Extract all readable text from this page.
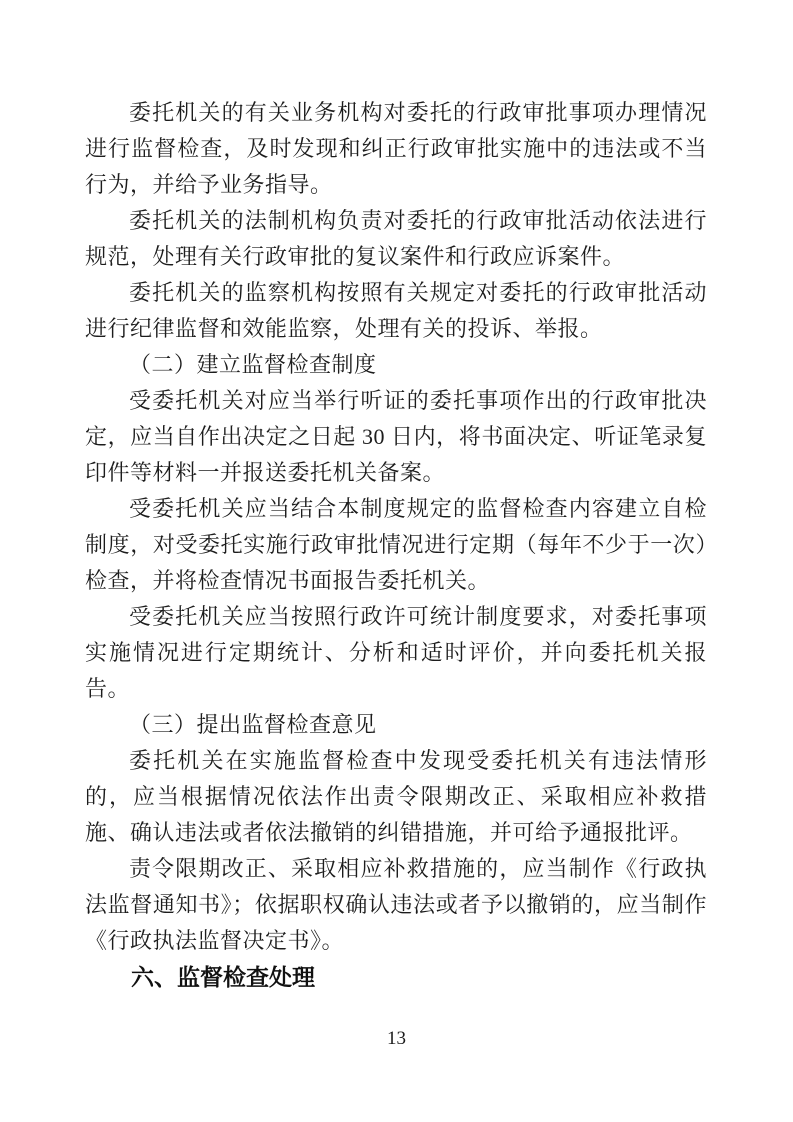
委托机关的有关业务机构对委托的行政审批事项办理情况进行监督检查，及时发现和纠正行政审批实施中的违法或不当行为，并给予业务指导。

委托机关的法制机构负责对委托的行政审批活动依法进行规范，处理有关行政审批的复议案件和行政应诉案件。

委托机关的监察机构按照有关规定对委托的行政审批活动进行纪律监督和效能监察，处理有关的投诉、举报。

（二）建立监督检查制度

受委托机关对应当举行听证的委托事项作出的行政审批决定，应当自作出决定之日起 30 日内，将书面决定、听证笔录复印件等材料一并报送委托机关备案。

受委托机关应当结合本制度规定的监督检查内容建立自检制度，对受委托实施行政审批情况进行定期（每年不少于一次）检查，并将检查情况书面报告委托机关。

受委托机关应当按照行政许可统计制度要求，对委托事项实施情况进行定期统计、分析和适时评价，并向委托机关报告。

（三）提出监督检查意见

委托机关在实施监督检查中发现受委托机关有违法情形的，应当根据情况依法作出责令限期改正、采取相应补救措施、确认违法或者依法撤销的纠错措施，并可给予通报批评。

责令限期改正、采取相应补救措施的，应当制作《行政执法监督通知书》；依据职权确认违法或者予以撤销的，应当制作《行政执法监督决定书》。

六、监督检查处理

13
